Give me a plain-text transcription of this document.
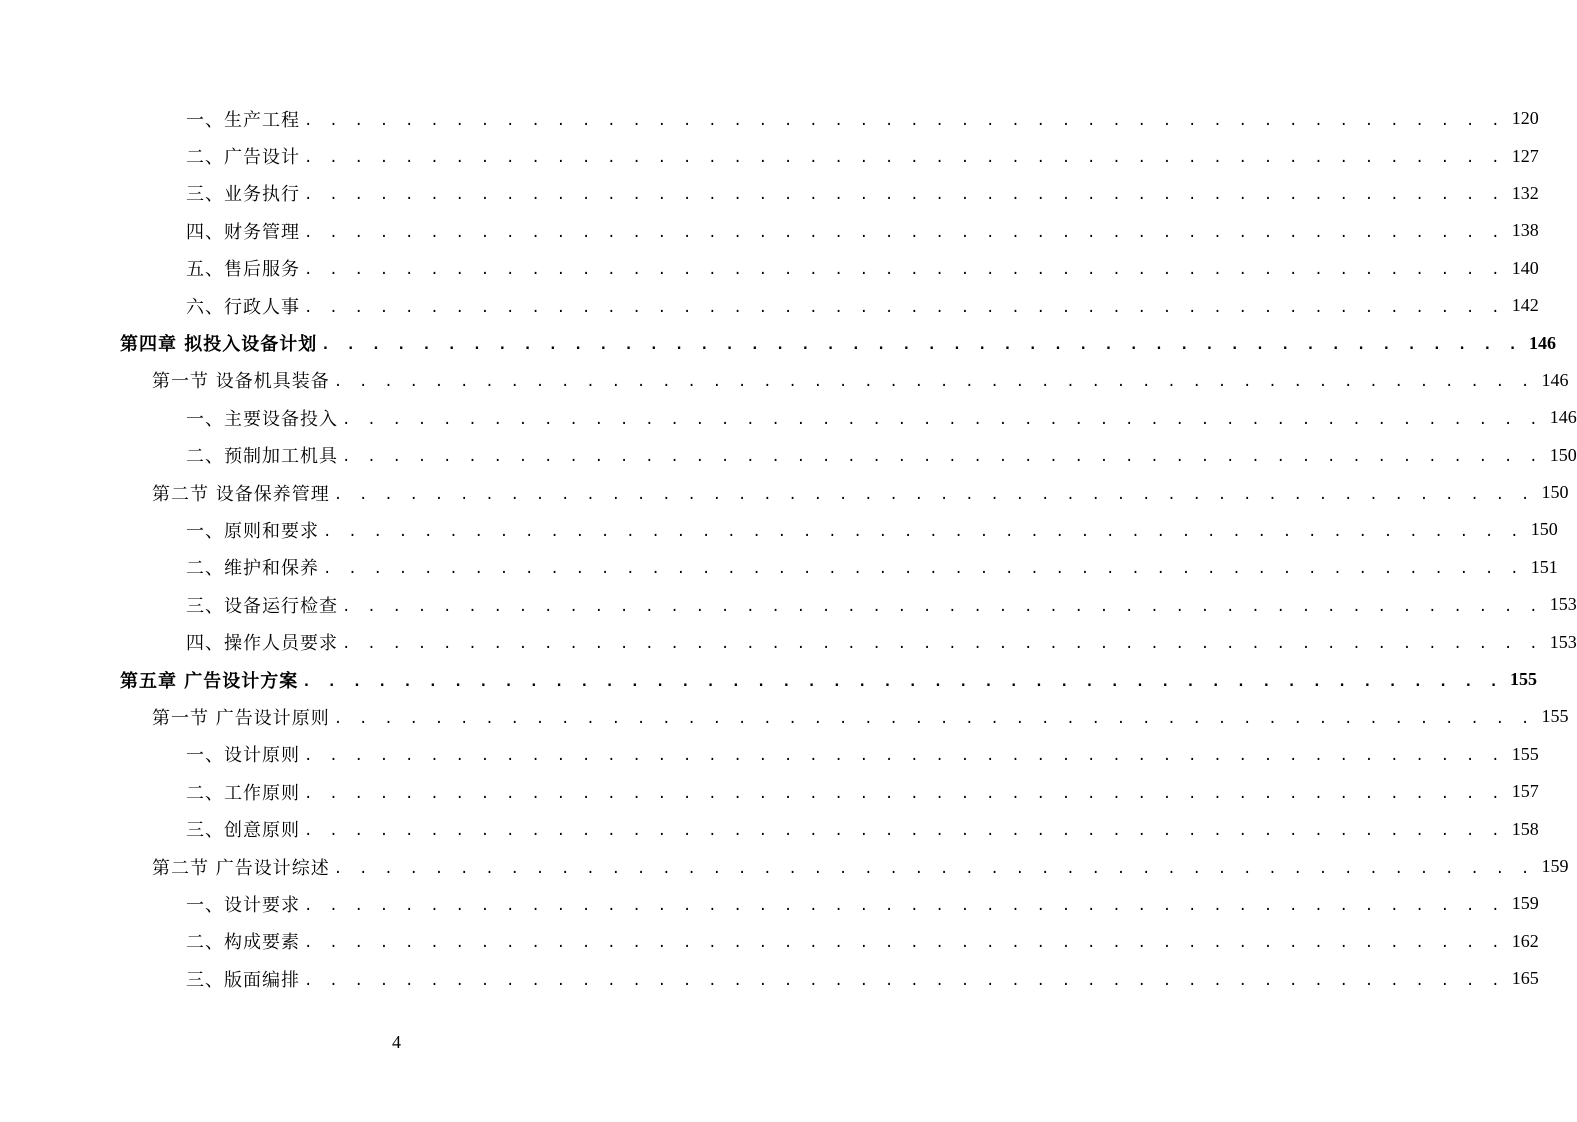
一、生产工程 . . . . . . . . . . . . . . . . . . . . . . . . . . . . . . . . . . . . . . . . . . . . . . . . 120
二、广告设计 . . . . . . . . . . . . . . . . . . . . . . . . . . . . . . . . . . . . . . . . . . . . . . . . 127
三、业务执行 . . . . . . . . . . . . . . . . . . . . . . . . . . . . . . . . . . . . . . . . . . . . . . . . 132
四、财务管理 . . . . . . . . . . . . . . . . . . . . . . . . . . . . . . . . . . . . . . . . . . . . . . . . 138
五、售后服务 . . . . . . . . . . . . . . . . . . . . . . . . . . . . . . . . . . . . . . . . . . . . . . . . 140
六、行政人事 . . . . . . . . . . . . . . . . . . . . . . . . . . . . . . . . . . . . . . . . . . . . . . . . 142
第四章 拟投入设备计划 . . . . . . . . . . . . . . . . . . . . . . . . . . . . . . . . . . . . . . . . . . . . . . . . 146
第一节 设备机具装备 . . . . . . . . . . . . . . . . . . . . . . . . . . . . . . . . . . . . . . . . . . . . . . . . 146
一、主要设备投入 . . . . . . . . . . . . . . . . . . . . . . . . . . . . . . . . . . . . . . . . . . . . . . . . 146
二、预制加工机具 . . . . . . . . . . . . . . . . . . . . . . . . . . . . . . . . . . . . . . . . . . . . . . . . 150
第二节 设备保养管理 . . . . . . . . . . . . . . . . . . . . . . . . . . . . . . . . . . . . . . . . . . . . . . . . 150
一、原则和要求 . . . . . . . . . . . . . . . . . . . . . . . . . . . . . . . . . . . . . . . . . . . . . . . . 150
二、维护和保养 . . . . . . . . . . . . . . . . . . . . . . . . . . . . . . . . . . . . . . . . . . . . . . . . 151
三、设备运行检查 . . . . . . . . . . . . . . . . . . . . . . . . . . . . . . . . . . . . . . . . . . . . . . . . 153
四、操作人员要求 . . . . . . . . . . . . . . . . . . . . . . . . . . . . . . . . . . . . . . . . . . . . . . . . 153
第五章 广告设计方案 . . . . . . . . . . . . . . . . . . . . . . . . . . . . . . . . . . . . . . . . . . . . . . . . 155
第一节 广告设计原则 . . . . . . . . . . . . . . . . . . . . . . . . . . . . . . . . . . . . . . . . . . . . . . . . 155
一、设计原则 . . . . . . . . . . . . . . . . . . . . . . . . . . . . . . . . . . . . . . . . . . . . . . . . 155
二、工作原则 . . . . . . . . . . . . . . . . . . . . . . . . . . . . . . . . . . . . . . . . . . . . . . . . 157
三、创意原则 . . . . . . . . . . . . . . . . . . . . . . . . . . . . . . . . . . . . . . . . . . . . . . . . 158
第二节 广告设计综述 . . . . . . . . . . . . . . . . . . . . . . . . . . . . . . . . . . . . . . . . . . . . . . . . 159
一、设计要求 . . . . . . . . . . . . . . . . . . . . . . . . . . . . . . . . . . . . . . . . . . . . . . . . 159
二、构成要素 . . . . . . . . . . . . . . . . . . . . . . . . . . . . . . . . . . . . . . . . . . . . . . . . 162
三、版面编排 . . . . . . . . . . . . . . . . . . . . . . . . . . . . . . . . . . . . . . . . . . . . . . . . 165
4
